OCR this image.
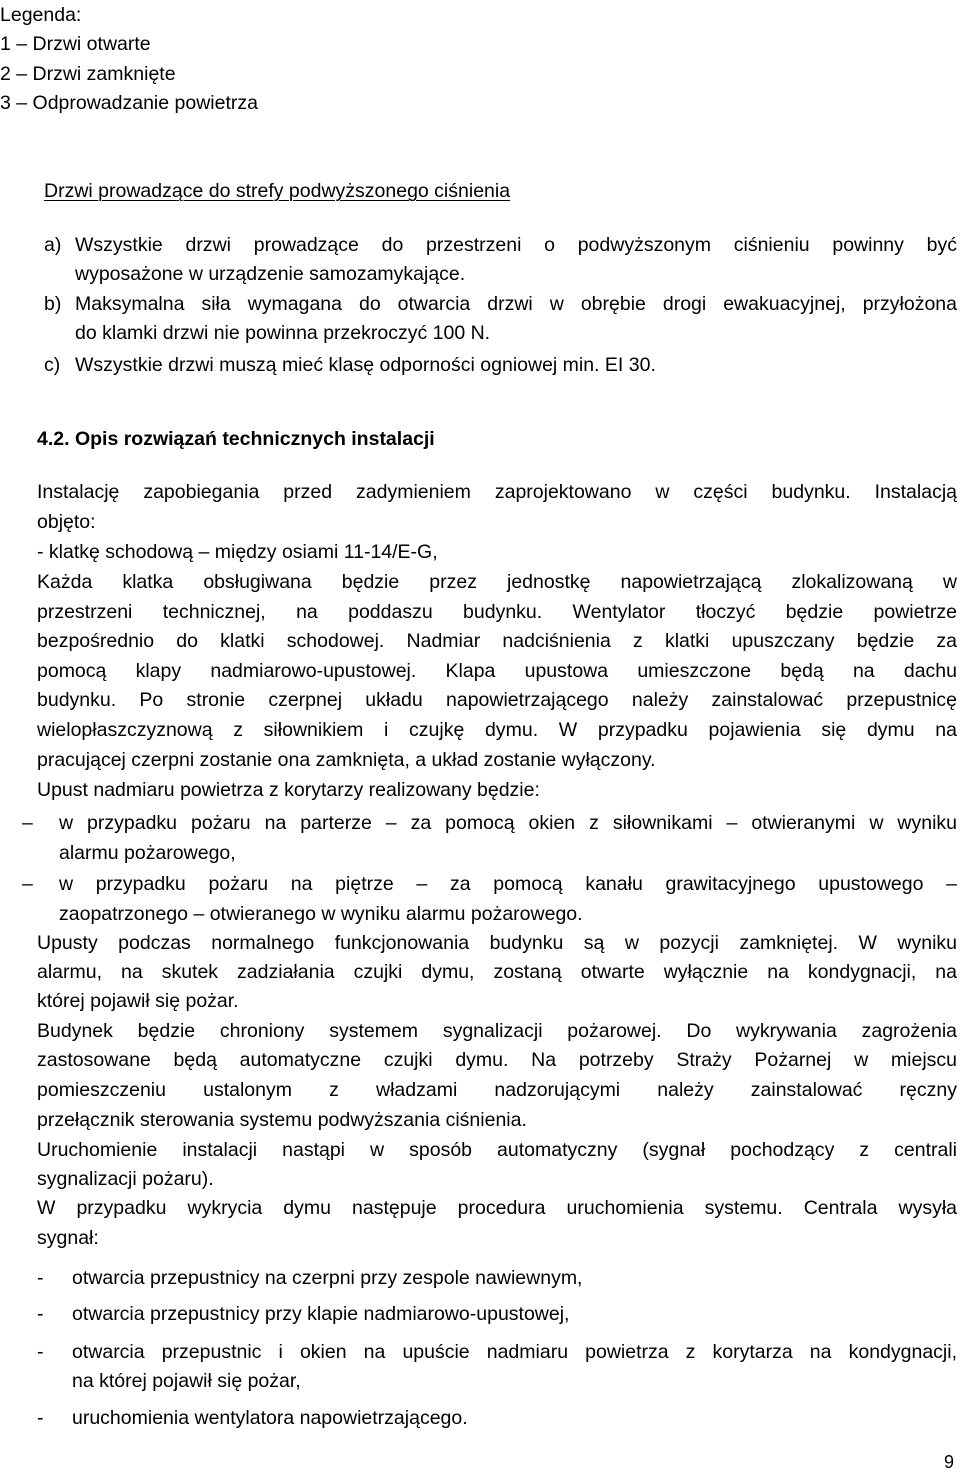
Legenda:
1 – Drzwi otwarte
2 – Drzwi zamknięte
3 – Odprowadzanie powietrza
Drzwi prowadzące do strefy podwyższonego ciśnienia
a) Wszystkie drzwi prowadzące do przestrzeni o podwyższonym ciśnieniu powinny być
wyposażone w urządzenie samozamykające.
b) Maksymalna siła wymagana do otwarcia drzwi w obrębie drogi ewakuacyjnej, przyłożona
do klamki drzwi nie powinna przekroczyć 100 N.
c) Wszystkie drzwi muszą mieć klasę odporności ogniowej min. EI 30.
4.2. Opis rozwiązań technicznych instalacji
Instalację zapobiegania przed zadymieniem zaprojektowano w części budynku. Instalacją
objęto:
- klatkę schodową – między osiami 11-14/E-G,
Każda klatka obsługiwana będzie przez jednostkę napowietrzającą zlokalizowaną w
przestrzeni technicznej, na poddaszu budynku. Wentylator tłoczyć będzie powietrze
bezpośrednio do klatki schodowej. Nadmiar nadciśnienia z klatki upuszczany będzie za
pomocą klapy nadmiarowo-upustowej. Klapa upustowa umieszczone będą na dachu
budynku. Po stronie czerpnej układu napowietrzającego należy zainstalować przepustnicę
wielopłaszczyznową z siłownikiem i czujkę dymu. W przypadku pojawienia się dymu na
pracującej czerpni zostanie ona zamknięta, a układ zostanie wyłączony.
Upust nadmiaru powietrza z korytarzy realizowany będzie:
– w przypadku pożaru na parterze – za pomocą okien z siłownikami – otwieranymi w wyniku
alarmu pożarowego,
– w przypadku pożaru na piętrze – za pomocą kanału grawitacyjnego upustowego –
zaopatrzonego – otwieranego w wyniku alarmu pożarowego.
Upusty podczas normalnego funkcjonowania budynku są w pozycji zamkniętej. W wyniku
alarmu, na skutek zadziałania czujki dymu, zostaną otwarte wyłącznie na kondygnacji, na
której pojawił się pożar.
Budynek będzie chroniony systemem sygnalizacji pożarowej. Do wykrywania zagrożenia
zastosowane będą automatyczne czujki dymu. Na potrzeby Straży Pożarnej w miejscu
pomieszczeniu ustalonym z władzami nadzorującymi należy zainstalować ręczny
przełącznik sterowania systemu podwyższania ciśnienia.
Uruchomienie instalacji nastąpi w sposób automatyczny (sygnał pochodzący z centrali
sygnalizacji pożaru).
W przypadku wykrycia dymu następuje procedura uruchomienia systemu. Centrala wysyła
sygnał:
- otwarcia przepustnicy na czerpni przy zespole nawiewnym,
- otwarcia przepustnicy przy klapie nadmiarowo-upustowej,
- otwarcia przepustnic i okien na upuście nadmiaru powietrza z korytarza na kondygnacji,
na której pojawił się pożar,
- uruchomienia wentylatora napowietrzającego.
9
